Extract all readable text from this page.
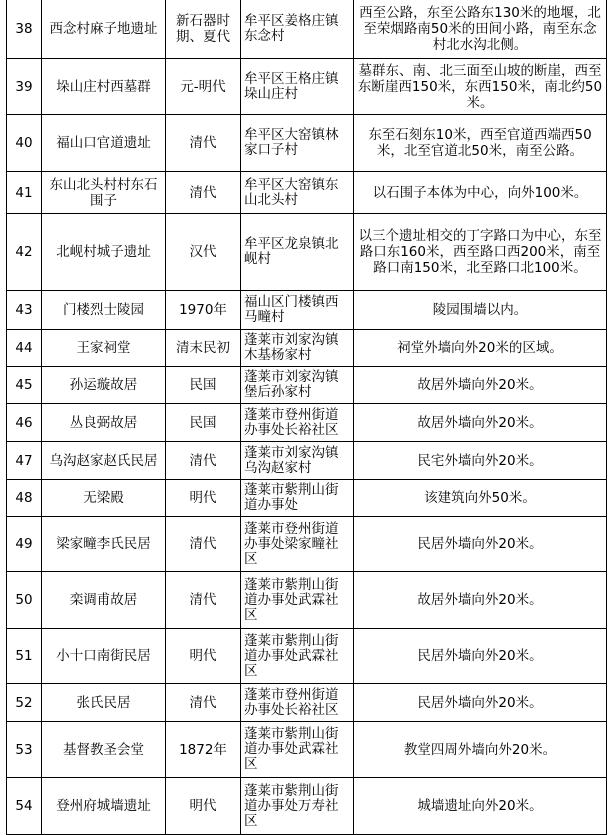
38	西念村麻子地遗址	新石器时期、夏代	牟平区姜格庄镇东念村	西至公路，东至公路东130米的地堰，北至荣烟路南50米的田间小路，南至东念村北水沟北侧。
39	垛山庄村西墓群	元-明代	牟平区王格庄镇垛山庄村	墓群东、南、北三面至山坡的断崖，西至东断崖西150米，东西150米，南北约50米。
40	福山口官道遗址	清代	牟平区大窑镇林家口子村	东至石刻东10米，西至官道西端西50米，北至官道北50米，南至公路。
41	东山北头村村东石围子	清代	牟平区大窑镇东山北头村	以石围子本体为中心，向外100米。
42	北岘村城子遗址	汉代	牟平区龙泉镇北岘村	以三个遗址相交的丁字路口为中心，东至路口东160米，西至路口西200米，南至路口南150米，北至路口北100米。
43	门楼烈士陵园	1970年	福山区门楼镇西马疃村	陵园围墙以内。
44	王家祠堂	清末民初	蓬莱市刘家沟镇木基杨家村	祠堂外墙向外20米的区域。
45	孙运璇故居	民国	蓬莱市刘家沟镇堡后孙家村	故居外墙向外20米。
46	丛良弼故居	民国	蓬莱市登州街道办事处长裕社区	故居外墙向外20米。
47	乌沟赵家赵氏民居	清代	蓬莱市刘家沟镇乌沟赵家村	民宅外墙向外20米。
48	无梁殿	明代	蓬莱市紫荆山街道办事处	该建筑向外50米。
49	梁家疃李氏民居	清代	蓬莱市登州街道办事处梁家疃社区	民居外墙向外20米。
50	栾调甫故居	清代	蓬莱市紫荆山街道办事处武霖社区	故居外墙向外20米。
51	小十口南街民居	明代	蓬莱市紫荆山街道办事处武霖社区	民居外墙向外20米。
52	张氏民居	清代	蓬莱市登州街道办事处长裕社区	民居外墙向外20米。
53	基督教圣会堂	1872年	蓬莱市紫荆山街道办事处武霖社区	教堂四周外墙向外20米。
54	登州府城墙遗址	明代	蓬莱市紫荆山街道办事处万寿社区	城墙遗址向外20米。
